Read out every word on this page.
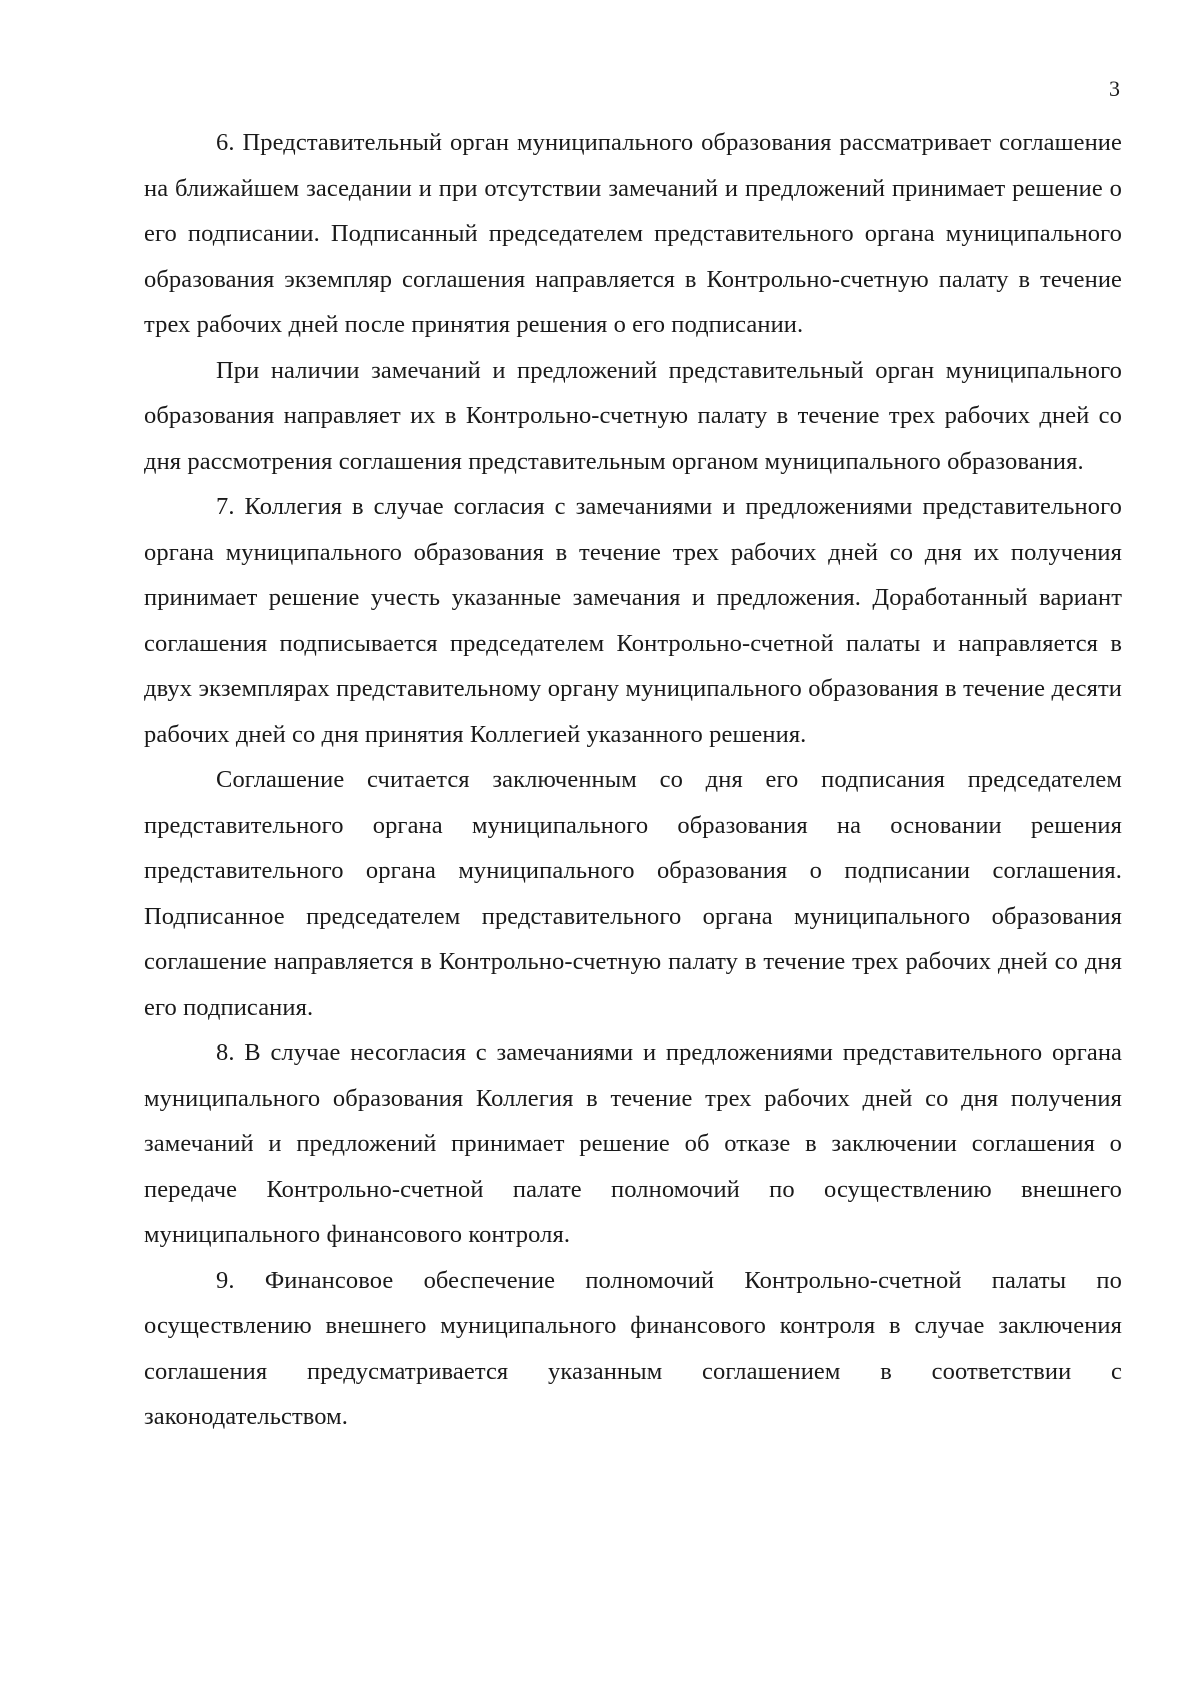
3

6. Представительный орган муниципального образования рассматривает соглашение на ближайшем заседании и при отсутствии замечаний и предложений принимает решение о его подписании. Подписанный председателем представительного органа муниципального образования экземпляр соглашения направляется в Контрольно-счетную палату в течение трех рабочих дней после принятия решения о его подписании.

При наличии замечаний и предложений представительный орган муниципального образования направляет их в Контрольно-счетную палату в течение трех рабочих дней со дня рассмотрения соглашения представительным органом муниципального образования.

7. Коллегия в случае согласия с замечаниями и предложениями представительного органа муниципального образования в течение трех рабочих дней со дня их получения принимает решение учесть указанные замечания и предложения. Доработанный вариант соглашения подписывается председателем Контрольно-счетной палаты и направляется в двух экземплярах представительному органу муниципального образования в течение десяти рабочих дней со дня принятия Коллегией указанного решения.

Соглашение считается заключенным со дня его подписания председателем представительного органа муниципального образования на основании решения представительного органа муниципального образования о подписании соглашения. Подписанное председателем представительного органа муниципального образования соглашение направляется в Контрольно-счетную палату в течение трех рабочих дней со дня его подписания.

8. В случае несогласия с замечаниями и предложениями представительного органа муниципального образования Коллегия в течение трех рабочих дней со дня получения замечаний и предложений принимает решение об отказе в заключении соглашения о передаче Контрольно-счетной палате полномочий по осуществлению внешнего муниципального финансового контроля.

9. Финансовое обеспечение полномочий Контрольно-счетной палаты по осуществлению внешнего муниципального финансового контроля в случае заключения соглашения предусматривается указанным соглашением в соответствии с законодательством.
